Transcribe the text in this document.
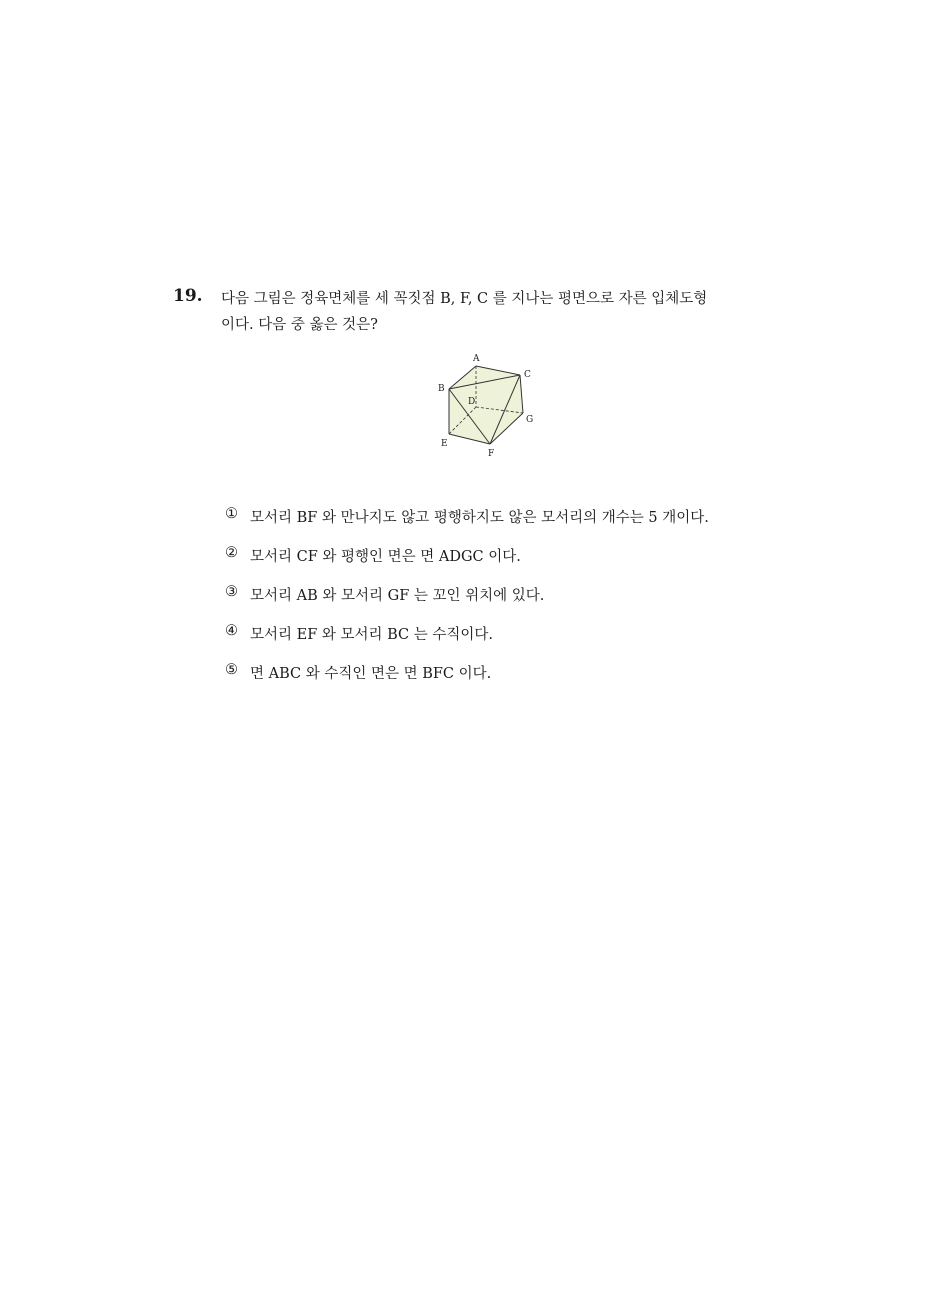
19. 다음 그림은 정육면체를 세 꼭짓점 B, F, C 를 지나는 평면으로 자른 입체도형
이다. 다음 중 옳은 것은?
A
B
C
D
E
F
G
① 모서리 BF 와 만나지도 않고 평행하지도 않은 모서리의 개수는 5 개이다.
② 모서리 CF 와 평행인 면은 면 ADGC 이다.
③ 모서리 AB 와 모서리 GF 는 꼬인 위치에 있다.
④ 모서리 EF 와 모서리 BC 는 수직이다.
⑤ 면 ABC 와 수직인 면은 면 BFC 이다.
